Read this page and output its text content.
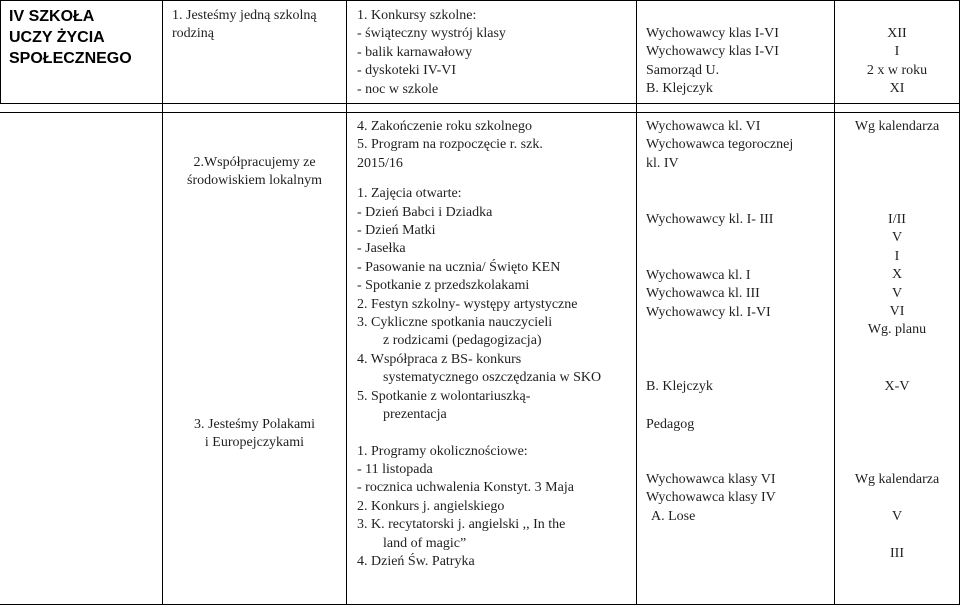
IV SZKOŁA
UCZY ŻYCIA
SPOŁECZNEGO
1. Jesteśmy jedną szkolną
rodziną
1. Konkursy szkolne:
- świąteczny wystrój klasy
- balik karnawałowy
- dyskoteki IV-VI
- noc w szkole
Wychowawcy klas I-VI
Wychowawcy klas I-VI
Samorząd U.
B. Klejczyk
XII
I
2 x w roku
XI
2.Współpracujemy ze
środowiskiem lokalnym
3. Jesteśmy Polakami
i Europejczykami
4. Zakończenie roku szkolnego
5. Program na rozpoczęcie r. szk.
2015/16
1. Zajęcia otwarte:
- Dzień Babci i Dziadka
- Dzień Matki
- Jasełka
- Pasowanie na ucznia/ Święto KEN
- Spotkanie z przedszkolakami
2. Festyn szkolny- występy artystyczne
3. Cykliczne spotkania nauczycieli
z rodzicami (pedagogizacja)
4. Współpraca z BS- konkurs
systematycznego oszczędzania w SKO
5. Spotkanie z wolontariuszką-
prezentacja
1. Programy okolicznościowe:
- 11 listopada
- rocznica uchwalenia Konstyt. 3 Maja
2. Konkurs j. angielskiego
3. K. recytatorski j. angielski ,, In the
land of magic”
4. Dzień Św. Patryka
Wychowawca kl. VI
Wychowawca tegorocznej
kl. IV
Wychowawcy kl. I- III
Wychowawca kl. I
Wychowawca kl. III
Wychowawcy kl. I-VI
B. Klejczyk
Pedagog
Wychowawca klasy VI
Wychowawca klasy IV
A. Lose
Wg kalendarza
I/II
V
I
X
V
VI
Wg. planu
X-V
Wg kalendarza
V
III
